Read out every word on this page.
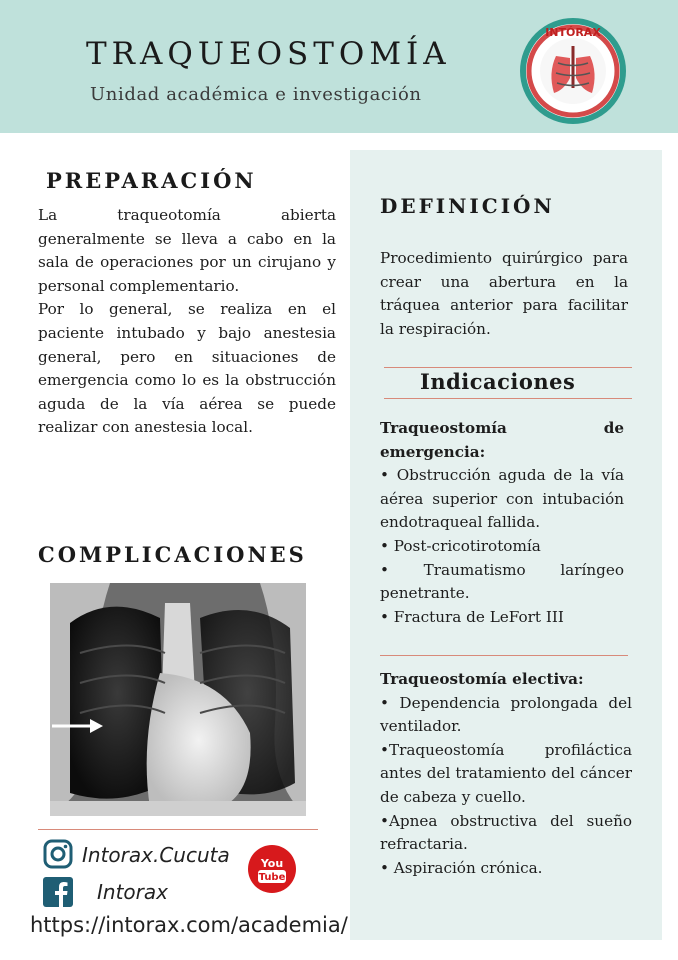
TRAQUEOSTOMÍA
Unidad académica e investigación
INTÓRAX
PREPARACIÓN

La traqueotomía abierta generalmente se lleva a cabo en la sala de operaciones por un cirujano y personal complementario.

Por lo general, se realiza en el paciente intubado y bajo anestesia general, pero en situaciones de emergencia como lo es la obstrucción aguda de la vía aérea se puede realizar con anestesia local.

COMPLICACIONES
Intorax.Cucuta
Intorax
You
Tube
https://intorax.com/academia/
DEFINICIÓN
Procedimiento quirúrgico para crear una abertura en la tráquea anterior para facilitar la respiración.
Indicaciones

Traqueostomía de emergencia:

• Obstrucción aguda de la vía aérea superior con intubación endotraqueal fallida.
• Post-cricotirotomía
• Traumatismo laríngeo penetrante.
• Fractura de LeFort III

Traqueostomía electiva:

• Dependencia prolongada del ventilador.
•Traqueostomía profiláctica antes del tratamiento del cáncer de cabeza y cuello.
•Apnea obstructiva del sueño refractaria.
• Aspiración crónica.
